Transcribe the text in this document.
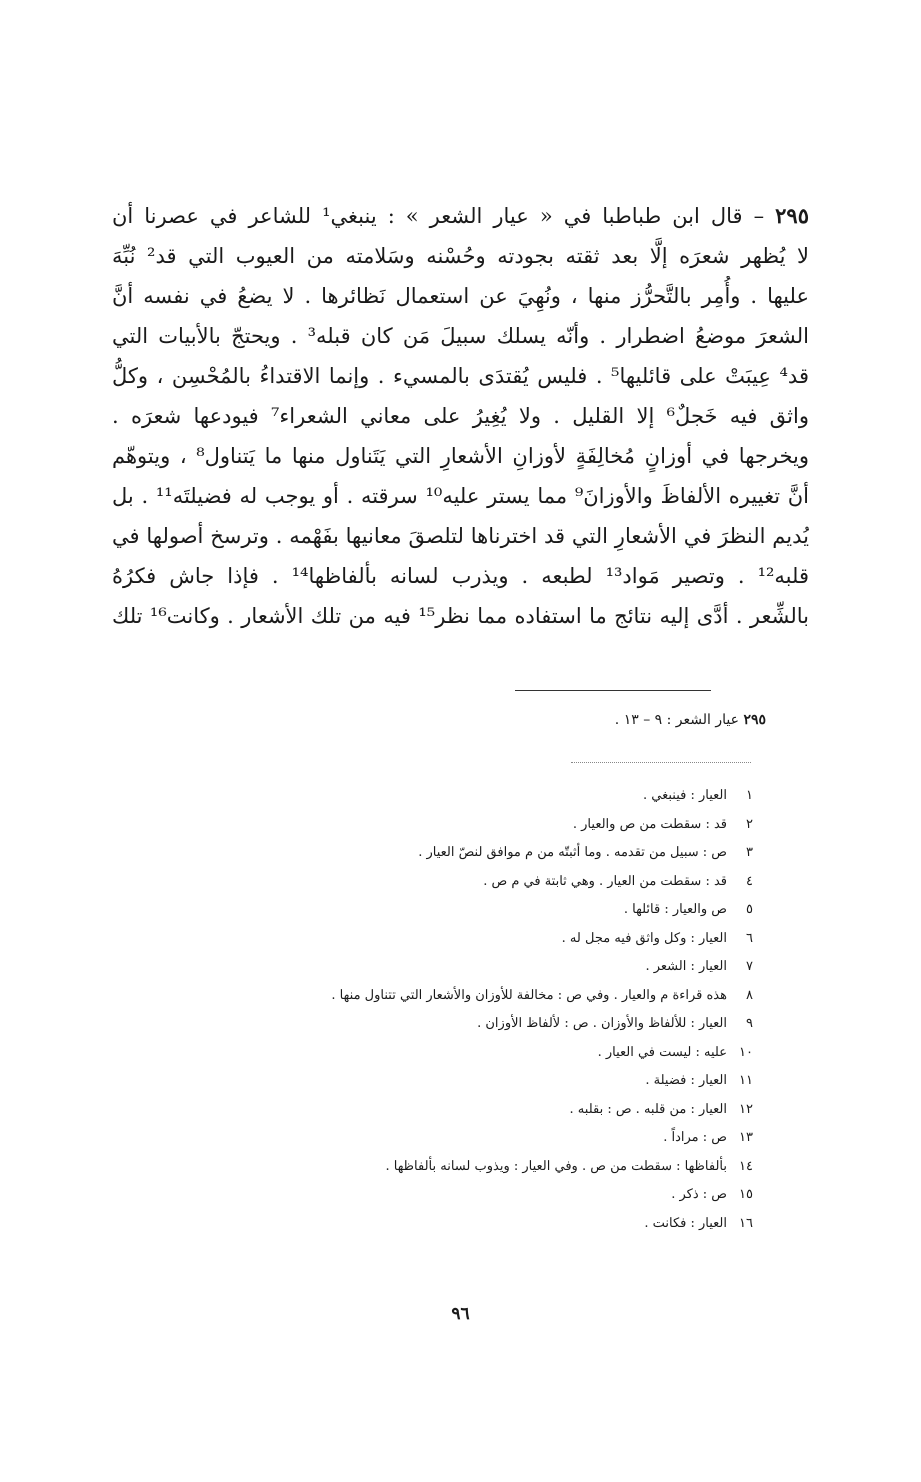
٢٩٥ – قال ابن طباطبا في « عيار الشعر » : ينبغي¹ للشاعر في عصرنا أن
لا يُظهر شعرَه إلَّا بعد ثقته بجودته وحُسْنه وسَلامته من العيوب التي قد² نُبِّهَ
عليها . وأُمِر بالتَّحرُّز منها ، ونُهِيَ عن استعمال نَظائرها . لا يضعُ في نفسه أنَّ
الشعرَ موضعُ اضطرار . وأنّه يسلك سبيلَ مَن كان قبله³ . ويحتجّ بالأبيات التي
قد⁴ عِيبَتْ على قائليها⁵ . فليس يُقتدَى بالمسيء . وإنما الاقتداءُ بالمُحْسِن ، وكلُّ
واثق فيه خَجلٌ⁶ إلا القليل . ولا يُغِيرُ على معاني الشعراء⁷ فيودعها شعرَه .
ويخرجها في أوزانٍ مُخالِفَةٍ لأوزانِ الأشعارِ التي يَتَناول منها ما يَتناول⁸ ، ويتوهّم
أنَّ تغييره الألفاظَ والأوزانَ⁹ مما يستر عليه¹⁰ سرقته . أو يوجب له فضيلتَه¹¹ . بل
يُديم النظرَ في الأشعارِ التي قد اخترناها لتلصقَ معانيها بفَهْمه . وترسخ أصولها في
قلبه¹² . وتصير مَواد¹³ لطبعه . ويذرب لسانه بألفاظها¹⁴ . فإذا جاش فكرُهُ
بالشِّعر . أدَّى إليه نتائج ما استفاده مما نظر¹⁵ فيه من تلك الأشعار . وكانت¹⁶ تلك
٢٩٥ عيار الشعر : ٩ – ١٣ .
١العيار : فينبغي .
٢قد : سقطت من ص والعيار .
٣ص : سبيل من تقدمه . وما أثبتّه من م موافق لنصّ العيار .
٤قد : سقطت من العيار . وهي ثابتة في م ص .
٥ص والعيار : قائلها .
٦العيار : وكل واثق فيه مجل له .
٧العيار : الشعر .
٨هذه قراءة م والعيار . وفي ص : مخالفة للأوزان والأشعار التي تتناول منها .
٩العيار : للألفاظ والأوزان . ص : لألفاظ الأوزان .
١٠عليه : ليست في العيار .
١١العيار : فضيلة .
١٢العيار : من قلبه . ص : بقلبه .
١٣ص : مراداً .
١٤بألفاظها : سقطت من ص . وفي العيار : ويذوب لسانه بألفاظها .
١٥ص : ذكر .
١٦العيار : فكانت .
٩٦
